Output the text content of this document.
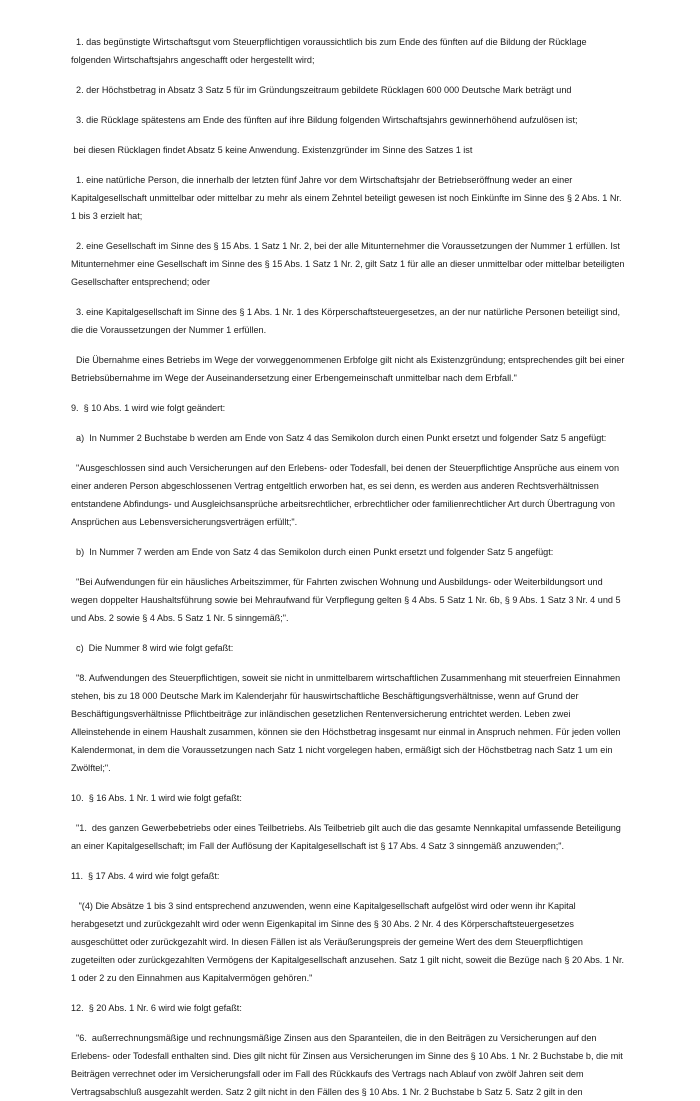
1. das begünstigte Wirtschaftsgut vom Steuerpflichtigen voraussichtlich bis zum Ende des fünften auf die Bildung der Rücklage folgenden Wirtschaftsjahrs angeschafft oder hergestellt wird;

2. der Höchstbetrag in Absatz 3 Satz 5 für im Gründungszeitraum gebildete Rücklagen 600 000 Deutsche Mark beträgt und

3. die Rücklage spätestens am Ende des fünften auf ihre Bildung folgenden Wirtschaftsjahrs gewinnerhöhend aufzulösen ist;

bei diesen Rücklagen findet Absatz 5 keine Anwendung. Existenzgründer im Sinne des Satzes 1 ist

1. eine natürliche Person, die innerhalb der letzten fünf Jahre vor dem Wirtschaftsjahr der Betriebseröffnung weder an einer Kapitalgesellschaft unmittelbar oder mittelbar zu mehr als einem Zehntel beteiligt gewesen ist noch Einkünfte im Sinne des § 2 Abs. 1 Nr. 1 bis 3 erzielt hat;

2. eine Gesellschaft im Sinne des § 15 Abs. 1 Satz 1 Nr. 2, bei der alle Mitunternehmer die Voraussetzungen der Nummer 1 erfüllen. Ist Mitunternehmer eine Gesellschaft im Sinne des § 15 Abs. 1 Satz 1 Nr. 2, gilt Satz 1 für alle an dieser unmittelbar oder mittelbar beteiligten Gesellschafter entsprechend; oder

3. eine Kapitalgesellschaft im Sinne des § 1 Abs. 1 Nr. 1 des Körperschaftsteuergesetzes, an der nur natürliche Personen beteiligt sind, die die Voraussetzungen der Nummer 1 erfüllen.

Die Übernahme eines Betriebs im Wege der vorweggenommenen Erbfolge gilt nicht als Existenzgründung; entsprechendes gilt bei einer Betriebsübernahme im Wege der Auseinandersetzung einer Erbengemeinschaft unmittelbar nach dem Erbfall."

9.  § 10 Abs. 1 wird wie folgt geändert:

a)  In Nummer 2 Buchstabe b werden am Ende von Satz 4 das Semikolon durch einen Punkt ersetzt und folgender Satz 5 angefügt:

"Ausgeschlossen sind auch Versicherungen auf den Erlebens- oder Todesfall, bei denen der Steuerpflichtige Ansprüche aus einem von einer anderen Person abgeschlossenen Vertrag entgeltlich erworben hat, es sei denn, es werden aus anderen Rechtsverhältnissen entstandene Abfindungs- und Ausgleichsansprüche arbeitsrechtlicher, erbrechtlicher oder familienrechtlicher Art durch Übertragung von Ansprüchen aus Lebensversicherungsverträgen erfüllt;".

b)  In Nummer 7 werden am Ende von Satz 4 das Semikolon durch einen Punkt ersetzt und folgender Satz 5 angefügt:

"Bei Aufwendungen für ein häusliches Arbeitszimmer, für Fahrten zwischen Wohnung und Ausbildungs- oder Weiterbildungsort und wegen doppelter Haushaltsführung sowie bei Mehraufwand für Verpflegung gelten § 4 Abs. 5 Satz 1 Nr. 6b, § 9 Abs. 1 Satz 3 Nr. 4 und 5 und Abs. 2 sowie § 4 Abs. 5 Satz 1 Nr. 5 sinngemäß;".

c)  Die Nummer 8 wird wie folgt gefaßt:

"8. Aufwendungen des Steuerpflichtigen, soweit sie nicht in unmittelbarem wirtschaftlichen Zusammenhang mit steuerfreien Einnahmen stehen, bis zu 18 000 Deutsche Mark im Kalenderjahr für hauswirtschaftliche Beschäftigungsverhältnisse, wenn auf Grund der Beschäftigungsverhältnisse Pflichtbeiträge zur inländischen gesetzlichen Rentenversicherung entrichtet werden. Leben zwei Alleinstehende in einem Haushalt zusammen, können sie den Höchstbetrag insgesamt nur einmal in Anspruch nehmen. Für jeden vollen Kalendermonat, in dem die Voraussetzungen nach Satz 1 nicht vorgelegen haben, ermäßigt sich der Höchstbetrag nach Satz 1 um ein Zwölftel;".

10.  § 16 Abs. 1 Nr. 1 wird wie folgt gefaßt:

"1.  des ganzen Gewerbebetriebs oder eines Teilbetriebs. Als Teilbetrieb gilt auch die das gesamte Nennkapital umfassende Beteiligung an einer Kapitalgesellschaft; im Fall der Auflösung der Kapitalgesellschaft ist § 17 Abs. 4 Satz 3 sinngemäß anzuwenden;".

11.  § 17 Abs. 4 wird wie folgt gefaßt:

"(4) Die Absätze 1 bis 3 sind entsprechend anzuwenden, wenn eine Kapitalgesellschaft aufgelöst wird oder wenn ihr Kapital herabgesetzt und zurückgezahlt wird oder wenn Eigenkapital im Sinne des § 30 Abs. 2 Nr. 4 des Körperschaftsteuergesetzes ausgeschüttet oder zurückgezahlt wird. In diesen Fällen ist als Veräußerungspreis der gemeine Wert des dem Steuerpflichtigen zugeteilten oder zurückgezahlten Vermögens der Kapitalgesellschaft anzusehen. Satz 1 gilt nicht, soweit die Bezüge nach § 20 Abs. 1 Nr. 1 oder 2 zu den Einnahmen aus Kapitalvermögen gehören."

12.  § 20 Abs. 1 Nr. 6 wird wie folgt gefaßt:

"6.  außerrechnungsmäßige und rechnungsmäßige Zinsen aus den Sparanteilen, die in den Beiträgen zu Versicherungen auf den Erlebens- oder Todesfall enthalten sind. Dies gilt nicht für Zinsen aus Versicherungen im Sinne des § 10 Abs. 1 Nr. 2 Buchstabe b, die mit Beiträgen verrechnet oder im Versicherungsfall oder im Fall des Rückkaufs des Vertrags nach Ablauf von zwölf Jahren seit dem Vertragsabschluß ausgezahlt werden. Satz 2 gilt nicht in den Fällen des § 10 Abs. 1 Nr. 2 Buchstabe b Satz 5. Satz 2 gilt in den
